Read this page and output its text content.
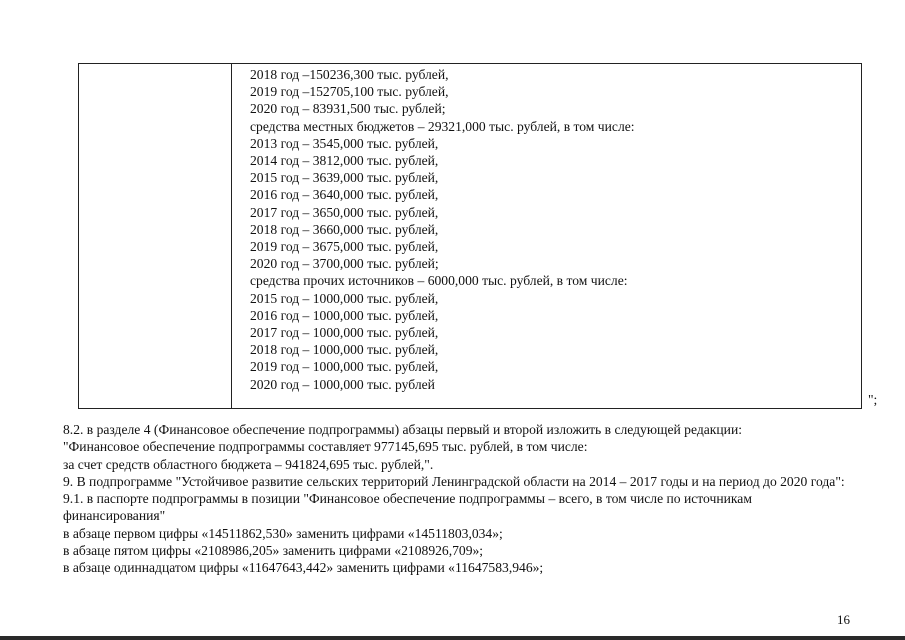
2018 год –150236,300 тыс. рублей,
2019 год –152705,100 тыс. рублей,
2020 год – 83931,500 тыс. рублей;
средства местных бюджетов – 29321,000 тыс. рублей, в том числе:
2013 год – 3545,000 тыс. рублей,
2014 год – 3812,000 тыс. рублей,
2015 год – 3639,000 тыс. рублей,
2016 год – 3640,000 тыс. рублей,
2017 год – 3650,000 тыс. рублей,
2018 год – 3660,000 тыс. рублей,
2019 год – 3675,000 тыс. рублей,
2020 год – 3700,000 тыс. рублей;
средства прочих источников – 6000,000 тыс. рублей, в том числе:
2015 год – 1000,000 тыс. рублей,
2016 год – 1000,000 тыс. рублей,
2017 год – 1000,000 тыс. рублей,
2018 год – 1000,000 тыс. рублей,
2019 год – 1000,000 тыс. рублей,
2020 год – 1000,000 тыс. рублей
";

8.2. в разделе 4 (Финансовое обеспечение подпрограммы) абзацы первый и второй изложить в следующей редакции:

"Финансовое обеспечение подпрограммы составляет 977145,695 тыс. рублей, в том числе:

за счет средств областного бюджета – 941824,695 тыс. рублей,".

9. В подпрограмме "Устойчивое развитие сельских территорий Ленинградской области на 2014 – 2017 годы и на период до 2020 года":

9.1. в паспорте подпрограммы в позиции "Финансовое обеспечение подпрограммы – всего, в том числе по источникам финансирования"

в абзаце первом цифры «14511862,530» заменить цифрами «14511803,034»;

в абзаце пятом цифры «2108986,205» заменить цифрами «2108926,709»;

в абзаце одиннадцатом цифры «11647643,442» заменить цифрами «11647583,946»;

16
